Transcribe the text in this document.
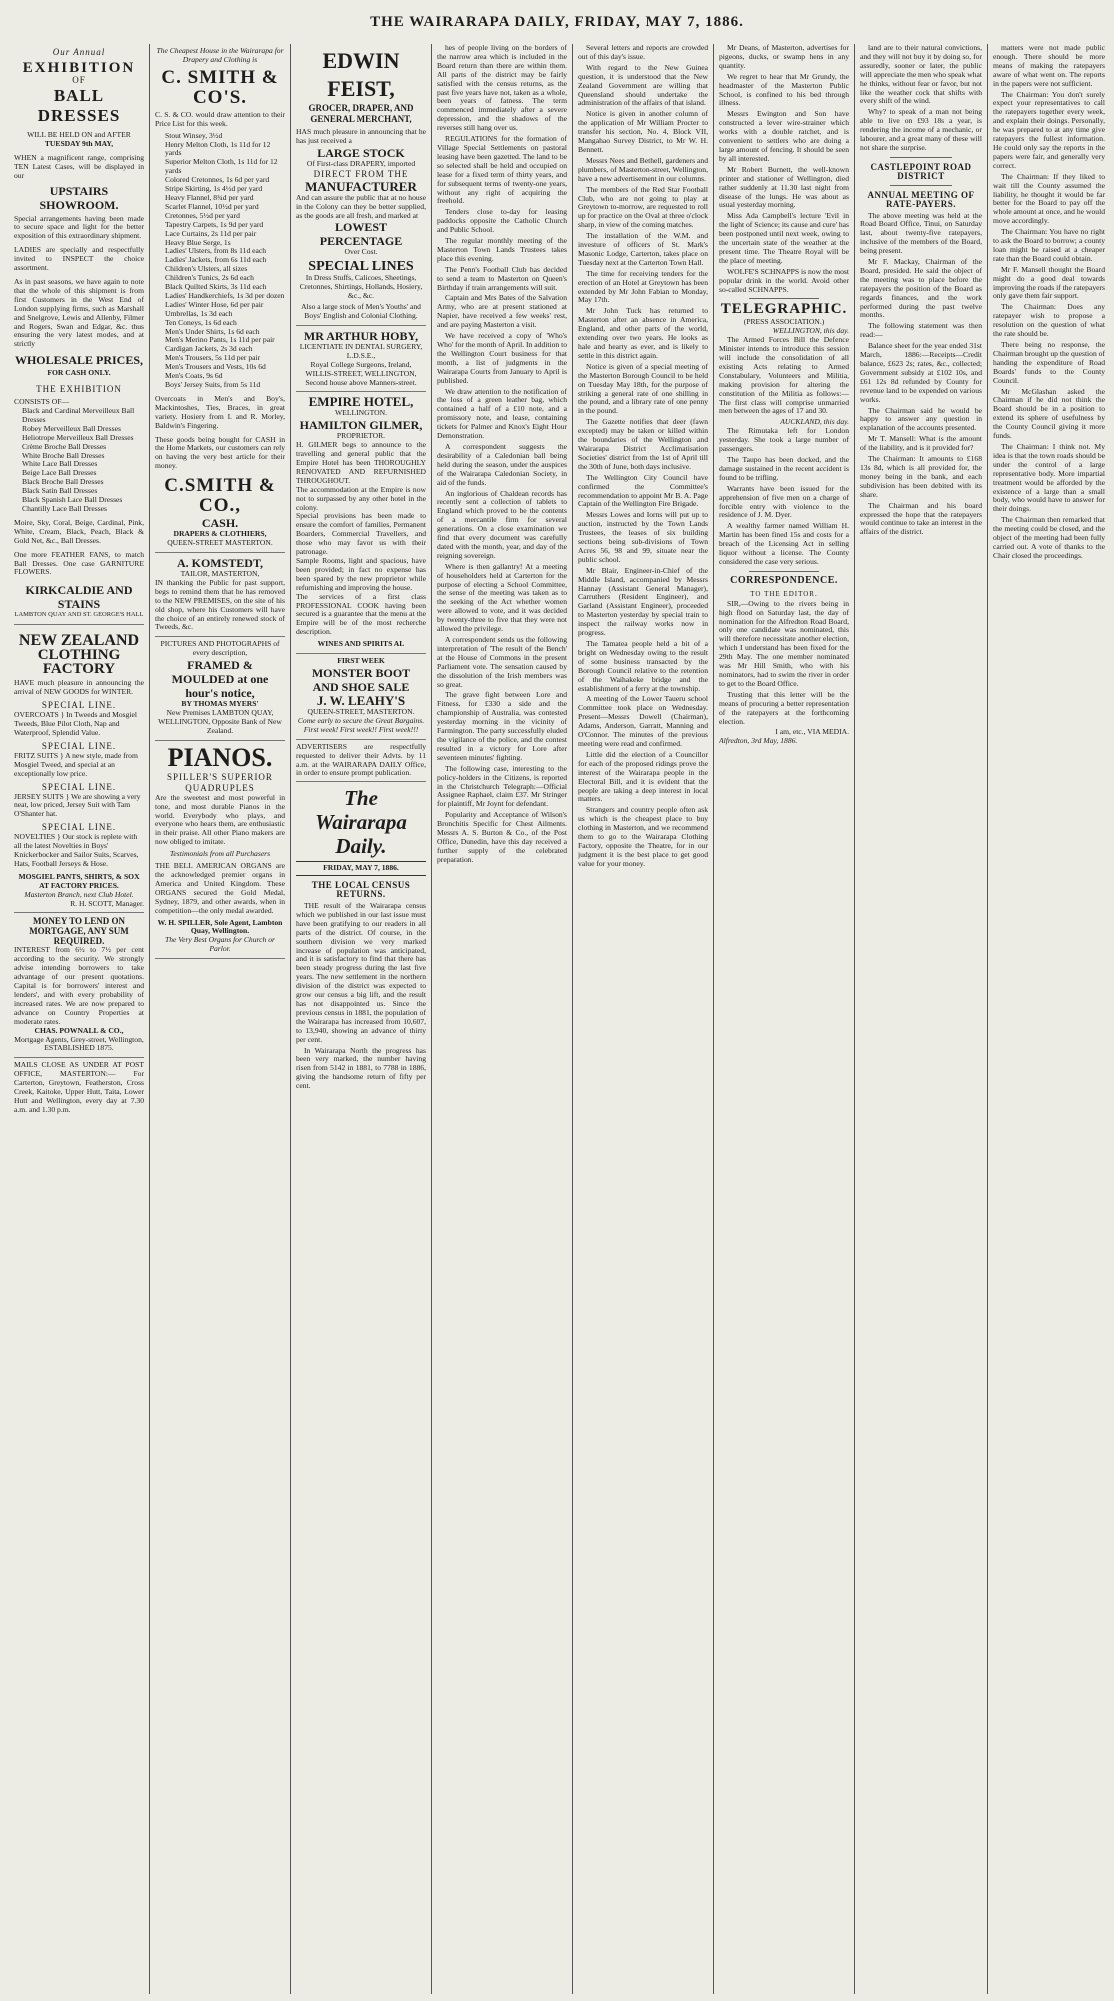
THE WAIRARAPA DAILY, FRIDAY, MAY 7, 1886.
Our Annual
EXHIBITION
OF
BALL DRESSES
WILL BE HELD ON and AFTER
TUESDAY 9th MAY,
WHEN a magnificent range, comprising TEN Latest Cases, will be displayed in our
UPSTAIRS SHOWROOM.
Special arrangements having been made to secure space and light for the better exposition of this extraordinary shipment.
LADIES are specially and respectfully invited to INSPECT the choice assortment.
As in past seasons, we have again to note that the whole of this shipment is from first Customers in the West End of London supplying firms, such as Marshall and Snelgrove, Lewis and Allenby, Filmer and Rogers, Swan and Edgar, &c. thus ensuring the very latest modes, and at strictly
WHOLESALE PRICES,
FOR CASH ONLY.
THE EXHIBITION
CONSISTS OF—
Black and Cardinal Merveilleux Ball Dresses
Robey Merveilleux Ball Dresses
Heliotrope Merveilleux Ball Dresses
Crème Broche Ball Dresses
White Broche Ball Dresses
White Lace Ball Dresses
Beige Lace Ball Dresses
Black Broche Ball Dresses
Black Satin Ball Dresses
Black Spanish Lace Ball Dresses
Chantilly Lace Ball Dresses
Moire, Sky, Coral, Beige, Cardinal, Pink, White, Cream, Black, Peach, Black & Gold Net, &c., Ball Dresses.
One more FEATHER FANS, to match Ball Dresses. One case GARNITURE FLOWERS.
KIRKCALDIE AND STAINS
LAMBTON QUAY AND ST. GEORGE'S HALL
NEW ZEALAND
CLOTHING FACTORY
HAVE much pleasure in announcing the arrival of NEW GOODS for WINTER.
SPECIAL LINE.
OVERCOATS } In Tweeds and Mosgiel Tweeds, Blue Pilot Cloth, Nap and Waterproof, Splendid Value.
SPECIAL LINE.
FRITZ SUITS } A new style, made from Mosgiel Tweed, and special at an exceptionally low price.
SPECIAL LINE.
JERSEY SUITS } We are showing a very neat, low priced, Jersey Suit with Tam O'Shanter hat.
SPECIAL LINE.
NOVELTIES } Our stock is replete with all the latest Novelties in Boys' Knickerbocker and Sailor Suits, Scarves, Hats, Football Jerseys & Hose.
MOSGIEL PANTS, SHIRTS, & SOX
AT FACTORY PRICES.
Masterton Branch, next Club Hotel.
R. H. SCOTT, Manager.
MONEY TO LEND ON MORTGAGE, ANY SUM REQUIRED.
INTEREST from 6½ to 7½ per cent according to the security. We strongly advise intending borrowers to take advantage of our present quotations. Capital is for borrowers' interest and lenders', and with every probability of increased rates. We are now prepared to advance on Country Properties at moderate rates.
CHAS. POWNALL & CO.,
Mortgage Agents, Grey-street, Wellington, ESTABLISHED 1875.
MAILS CLOSE AS UNDER AT POST OFFICE, MASTERTON:— For Carterton, Greytown, Featherston, Cross Creek, Kaitoke, Upper Hutt, Taita, Lower Hutt and Wellington, every day at 7.30 a.m. and 1.30 p.m.
The Cheapest House in the Wairarapa for Drapery and Clothing is
C. SMITH & CO'S.
C. S. & CO. would draw attention to their Price List for this week.
Stout Winsey, 3½d
Henry Melton Cloth, 1s 11d for 12 yards
Superior Melton Cloth, 1s 11d for 12 yards
Colored Cretonnes, 1s 6d per yard
Stripe Skirting, 1s 4½d per yard
Heavy Flannel, 8¾d per yard
Scarlet Flannel, 10½d per yard
Cretonnes, 5½d per yard
Tapestry Carpets, 1s 9d per yard
Lace Curtains, 2s 11d per pair
Heavy Blue Serge, 1s
Ladies' Ulsters, from 8s 11d each
Ladies' Jackets, from 6s 11d each
Children's Ulsters, all sizes
Children's Tunics, 2s 6d each
Black Quilted Skirts, 3s 11d each
Ladies' Handkerchiefs, 1s 3d per dozen
Ladies' Winter Hose, 6d per pair
Umbrellas, 1s 3d each
Ten Coneys, 1s 6d each
Men's Under Shirts, 1s 6d each
Men's Merino Pants, 1s 11d per pair
Cardigan Jackets, 2s 3d each
Men's Trousers, 5s 11d per pair
Men's Trousers and Vests, 10s 6d
Men's Coats, 9s 6d
Boys' Jersey Suits, from 5s 11d
Overcoats in Men's and Boy's, Mackintoshes, Ties, Braces, in great variety. Hosiery from I. and R. Morley, Baldwin's Fingering.
These goods being bought for CASH in the Home Markets, our customers can rely on having the very best article for their money.
C.SMITH & CO.,
CASH.
DRAPERS & CLOTHIERS,
QUEEN-STREET MASTERTON.
A. KOMSTEDT,
TAILOR, MASTERTON,
IN thanking the Public for past support, begs to remind them that he has removed to the NEW PREMISES, on the site of his old shop, where his Customers will have the choice of an entirely renewed stock of Tweeds, &c.
PICTURES AND PHOTOGRAPHS of every description,
FRAMED & MOULDED at one hour's notice,
BY THOMAS MYERS'
New Premises LAMBTON QUAY, WELLINGTON, Opposite Bank of New Zealand.
PIANOS.
SPILLER'S SUPERIOR QUADRUPLES
Are the sweetest and most powerful in tone, and most durable Pianos in the world. Everybody who plays, and everyone who hears them, are enthusiastic in their praise. All other Piano makers are now obliged to imitate.
Testimonials from all Purchasers
THE BELL AMERICAN ORGANS are the acknowledged premier organs in America and United Kingdom. These ORGANS secured the Gold Medal, Sydney, 1879, and other awards, when in competition—the only medal awarded.
W. H. SPILLER, Sole Agent, Lambton Quay, Wellington.
The Very Best Organs for Church or Parlor.
EDWIN FEIST,
GROCER, DRAPER, AND GENERAL MERCHANT,
HAS much pleasure in announcing that he has just received a
LARGE STOCK
Of First-class DRAPERY, imported
DIRECT FROM THE
MANUFACTURER
And can assure the public that at no house in the Colony can they be better supplied, as the goods are all fresh, and marked at
LOWEST PERCENTAGE
Over Cost.
SPECIAL LINES
In Dress Stuffs, Calicoes, Sheetings, Cretonnes, Shirtings, Hollands, Hosiery, &c., &c.
Also a large stock of Men's Youths' and Boys' English and Colonial Clothing.
MR ARTHUR HOBY,
LICENTIATE IN DENTAL SURGERY, L.D.S.E.,
Royal College Surgeons, Ireland, WILLIS-STREET, WELLINGTON, Second house above Manners-street.
EMPIRE HOTEL,
WELLINGTON.
HAMILTON GILMER,
PROPRIETOR.
H. GILMER begs to announce to the travelling and general public that the Empire Hotel has been THOROUGHLY RENOVATED AND REFURNISHED THROUGHOUT.
The accommodation at the Empire is now not to surpassed by any other hotel in the colony.
Special provisions has been made to ensure the comfort of families, Permanent Boarders, Commercial Travellers, and those who may favor us with their patronage.
Sample Rooms, light and spacious, have been provided; in fact no expense has been spared by the new proprietor while refurnishing and improving the house.
The services of a first class PROFESSIONAL COOK having been secured is a guarantee that the menu at the Empire will be of the most recherche description.
WINES AND SPIRITS AL
FIRST WEEK
MONSTER BOOT
AND SHOE SALE
J. W. LEAHY'S
QUEEN-STREET, MASTERTON.
Come early to secure the Great Bargains. First week! First week!! First week!!!
ADVERTISERS are respectfully requested to deliver their Advts. by 11 a.m. at the WAIRARAPA DAILY Office, in order to ensure prompt publication.
The Wairarapa Daily.
FRIDAY, MAY 7, 1886.
THE LOCAL CENSUS RETURNS.

THE result of the Wairarapa census which we published in our last issue must have been gratifying to our readers in all parts of the district. Of course, in the southern division we very marked increase of population was anticipated, and it is satisfactory to find that there has been steady progress during the last five years. The new settlement in the northern division of the district was expected to grow our census a big lift, and the result has not disappointed us. Since the previous census in 1881, the population of the Wairarapa has increased from 10,607, to 13,940, showing an advance of thirty per cent.

In Wairarapa North the progress has been very marked, the number having risen from 5142 in 1881, to 7788 in 1886, giving the handsome return of fifty per cent.

hes of people living on the borders of the narrow area which is included in the Board return than there are within them. All parts of the district may be fairly satisfied with the census returns, as the past five years have not, taken as a whole, been years of fatness. The term commenced immediately after a severe depression, and the shadows of the reverses still hang over us.

REGULATIONS for the formation of Village Special Settlements on pastoral leasing have been gazetted. The land to be so selected shall be held and occupied on lease for a fixed term of thirty years, and for subsequent terms of twenty-one years, without any right of acquiring the freehold.

Tenders close to-day for leasing paddocks opposite the Catholic Church and Public School.

The regular monthly meeting of the Masterton Town Lands Trustees takes place this evening.

The Penn's Football Club has decided to send a team to Masterton on Queen's Birthday if train arrangements will suit.

Captain and Mrs Bates of the Salvation Army, who are at present stationed at Napier, have received a few weeks' rest, and are paying Masterton a visit.

We have received a copy of 'Who's Who' for the month of April. In addition to the Wellington Court business for that month, a list of judgments in the Wairarapa Courts from January to April is published.

We draw attention to the notification of the loss of a green leather bag, which contained a half of a £10 note, and a promissory note, and lease, containing tickets for Palmer and Knox's Eight Hour Demonstration.

A correspondent suggests the desirability of a Caledonian ball being held during the season, under the auspices of the Wairarapa Caledonian Society, in aid of the funds.

An inglorious of Chaldean records has recently sent a collection of tablets to England which proved to be the contents of a mercantile firm for several generations. On a close examination we find that every document was carefully dated with the month, year, and day of the reigning sovereign.

Where is then gallantry! At a meeting of householders held at Carterton for the purpose of electing a School Committee, the sense of the meeting was taken as to the seeking of the Act whether women were allowed to vote, and it was decided by twenty-three to five that they were not allowed the privilege.

A correspondent sends us the following interpretation of 'The result of the Bench' at the House of Commons in the present Parliament vote. The sensation caused by the dissolution of the Irish members was so great.

The grave fight between Lore and Fitness, for £330 a side and the championship of Australia, was contested yesterday morning in the vicinity of Farmington. The party successfully eluded the vigilance of the police, and the contest resulted in a victory for Lore after seventeen minutes' fighting.

The following case, interesting to the policy-holders in the Citizens, is reported in the Christchurch Telegraph:—Official Assignee Raphael, claim £37. Mr Stringer for plaintiff, Mr Joynt for defendant.

Popularity and Acceptance of Wilson's Bronchitis Specific for Chest Ailments. Messrs A. S. Burton & Co., of the Post Office, Dunedin, have this day received a further supply of the celebrated preparation.

Several letters and reports are crowded out of this day's issue.

With regard to the New Guinea question, it is understood that the New Zealand Government are willing that Queensland should undertake the administration of the affairs of that island.

Notice is given in another column of the application of Mr William Procter to transfer his section, No. 4, Block VII, Mangahao Survey District, to Mr W. H. Bennett.

Messrs Nees and Bethell, gardeners and plumbers, of Masterton-street, Wellington, have a new advertisement in our columns.

The members of the Red Star Football Club, who are not going to play at Greytown to-morrow, are requested to roll up for practice on the Oval at three o'clock sharp, in view of the coming matches.

The installation of the W.M. and investure of officers of St. Mark's Masonic Lodge, Carterton, takes place on Tuesday next at the Carterton Town Hall.

The time for receiving tenders for the erection of an Hotel at Greytown has been extended by Mr John Fabian to Monday, May 17th.

Mr John Tuck has returned to Masterton after an absence in America, England, and other parts of the world, extending over two years. He looks as hale and hearty as ever, and is likely to settle in this district again.

Notice is given of a special meeting of the Masterton Borough Council to be held on Tuesday May 18th, for the purpose of striking a general rate of one shilling in the pound, and a library rate of one penny in the pound.

The Gazette notifies that deer (fawn excepted) may be taken or killed within the boundaries of the Wellington and Wairarapa District Acclimatisation Societies' district from the 1st of April till the 30th of June, both days inclusive.

The Wellington City Council have confirmed the Committee's recommendation to appoint Mr B. A. Page Captain of the Wellington Fire Brigade.

Messrs Lowes and Iorns will put up to auction, instructed by the Town Lands Trustees, the leases of six building sections being sub-divisions of Town Acres 56, 98 and 99, situate near the public school.

Mr Blair, Engineer-in-Chief of the Middle Island, accompanied by Messrs Hannay (Assistant General Manager), Carruthers (Resident Engineer), and Garland (Assistant Engineer), proceeded to Masterton yesterday by special train to inspect the railway works now in progress.

The Tamatea people held a bit of a bright on Wednesday owing to the result of some business transacted by the Borough Council relative to the retention of the Waihakeke bridge and the establishment of a ferry at the township.

A meeting of the Lower Taueru school Committee took place on Wednesday. Present—Messrs Dowell (Chairman), Adams, Anderson, Garratt, Manning and O'Connor. The minutes of the previous meeting were read and confirmed.

Little did the election of a Councillor for each of the proposed ridings prove the interest of the Wairarapa people in the Electoral Bill, and it is evident that the people are taking a deep interest in local matters.

Strangers and country people often ask us which is the cheapest place to buy clothing in Masterton, and we recommend them to go to the Wairarapa Clothing Factory, opposite the Theatre, for in our judgment it is the best place to get good value for your money.

Mr Deans, of Masterton, advertises for pigeons, ducks, or swamp hens in any quantity.

We regret to hear that Mr Grundy, the headmaster of the Masterton Public School, is confined to his bed through illness.

Messrs Ewington and Son have constructed a lever wire-strainer which works with a double ratchet, and is convenient to settlers who are doing a large amount of fencing. It should be seen by all interested.

Mr Robert Burnett, the well-known printer and stationer of Wellington, died rather suddenly at 11.30 last night from disease of the lungs. He was about as usual yesterday morning.

Miss Ada Campbell's lecture 'Evil in the light of Science; its cause and cure' has been postponed until next week, owing to the uncertain state of the weather at the present time. The Theatre Royal will be the place of meeting.

WOLFE'S SCHNAPPS is now the most popular drink in the world. Avoid other so-called SCHNAPPS.

TELEGRAPHIC.
(PRESS ASSOCIATION.)
WELLINGTON, this day.

The Armed Forces Bill the Defence Minister intends to introduce this session will include the consolidation of all existing Acts relating to Armed Constabulary, Volunteers and Militia, making provision for altering the constitution of the Militia as follows:—The first class will comprise unmarried men between the ages of 17 and 30.

AUCKLAND, this day.

The Rimutaka left for London yesterday. She took a large number of passengers.

The Taupo has been docked, and the damage sustained in the recent accident is found to be trifling.

Warrants have been issued for the apprehension of five men on a charge of forcible entry with violence to the residence of J. M. Dyer.

A wealthy farmer named William H. Martin has been fined 15s and costs for a breach of the Licensing Act in selling liquor without a license. The County considered the case very serious.

CORRESPONDENCE.
TO THE EDITOR.

SIR,—Owing to the rivers being in high flood on Saturday last, the day of nomination for the Alfredton Road Board, only one candidate was nominated, this will therefore necessitate another election, which I understand has been fixed for the 29th May. The one member nominated was Mr Hill Smith, who with his nominators, had to swim the river in order to get to the Board Office.

Trusting that this letter will be the means of procuring a better representation of the ratepayers at the forthcoming election.

I am, etc., VIA MEDIA.
Alfredton, 3rd May, 1886.

land are to their natural convictions, and they will not buy it by doing so, for assuredly, sooner or later, the public will appreciate the men who speak what he thinks, without fear or favor, but not like the weather cock that shifts with every shift of the wind.

Why? to speak of a man not being able to live on £93 18s a year, is rendering the income of a mechanic, or labourer, and a great many of these will not share the surprise.

CASTLEPOINT ROAD DISTRICT
ANNUAL MEETING OF RATE-PAYERS.

The above meeting was held at the Road Board Office, Tinui, on Saturday last, about twenty-five ratepayers, inclusive of the members of the Board, being present.

Mr F. Mackay, Chairman of the Board, presided. He said the object of the meeting was to place before the ratepayers the position of the Board as regards finances, and the work performed during the past twelve months.

The following statement was then read:—

Balance sheet for the year ended 31st March, 1886:—Receipts—Credit balance, £623 2s; rates, &c., collected; Government subsidy at £102 10s, and £61 12s 8d refunded by County for revenue land to be expended on various works.

The Chairman said he would be happy to answer any question in explanation of the accounts presented.

Mr T. Mansell: What is the amount of the liability, and is it provided for?

The Chairman: It amounts to £168 13s 8d, which is all provided for, the money being in the bank, and each subdivision has been debited with its share.

The Chairman and his board expressed the hope that the ratepayers would continue to take an interest in the affairs of the district.

matters were not made public enough. There should be more means of making the ratepayers aware of what went on. The reports in the papers were not sufficient.

The Chairman: You don't surely expect your representatives to call the ratepayers together every week, and explain their doings. Personally, he was prepared to at any time give ratepayers the fullest information. He could only say the reports in the papers were fair, and generally very correct.

The Chairman: If they liked to wait till the County assumed the liability, he thought it would be far better for the Board to pay off the whole amount at once, and he would move accordingly.

The Chairman: You have no right to ask the Board to borrow; a county loan might be raised at a cheaper rate than the Board could obtain.

Mr F. Mansell thought the Board might do a good deal towards improving the roads if the ratepayers only gave them fair support.

The Chairman: Does any ratepayer wish to propose a resolution on the question of what the rate should be.

There being no response, the Chairman brought up the question of handing the expenditure of Road Boards' funds to the County Council.

Mr McGlashan asked the Chairman if he did not think the Board should be in a position to extend its sphere of usefulness by the County Council giving it more funds.

The Chairman: I think not. My idea is that the town roads should be under the control of a large representative body. More impartial treatment would be afforded by the existence of a large than a small body, who would have to answer for their doings.

The Chairman then remarked that the meeting could be closed, and the object of the meeting had been fully carried out. A vote of thanks to the Chair closed the proceedings.
